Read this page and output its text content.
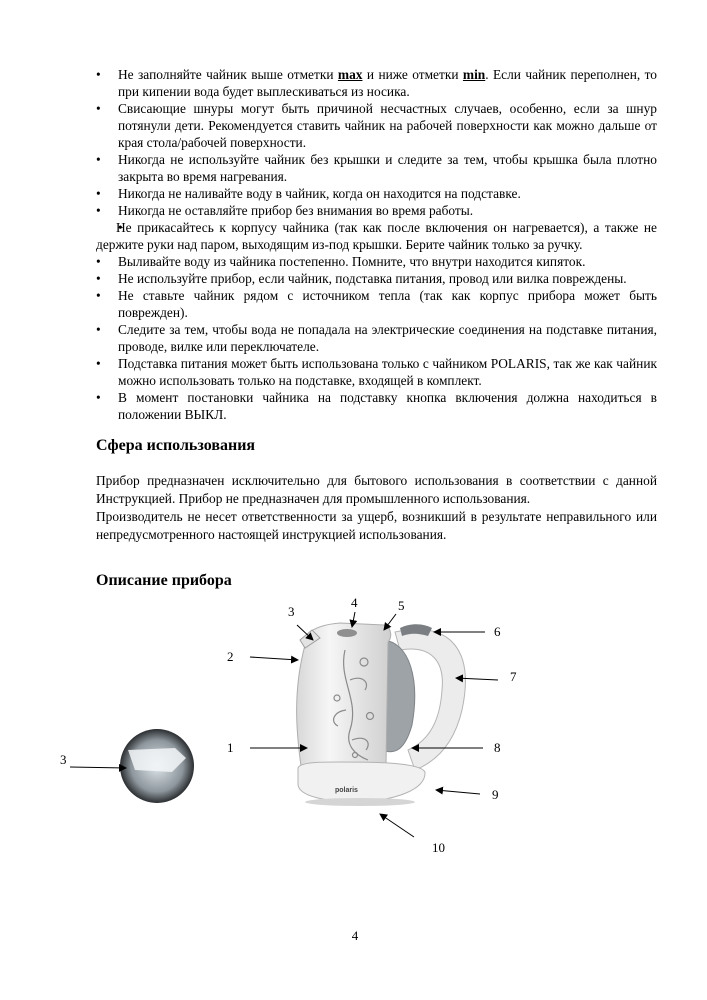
• Не заполняйте чайник выше отметки max и ниже отметки min. Если чайник переполнен, то при кипении вода будет выплескиваться из носика.
• Свисающие шнуры могут быть причиной несчастных случаев, особенно, если за шнур потянули дети. Рекомендуется ставить чайник на рабочей поверхности как можно дальше от края стола/рабочей поверхности.
• Никогда не используйте чайник без крышки и следите за тем, чтобы крышка была плотно закрыта во время нагревания.
• Никогда не наливайте воду в чайник, когда он находится на подставке.
• Никогда не оставляйте прибор без внимания во время работы.
• Не прикасайтесь к корпусу чайника (так как после включения он нагревается), а также не держите руки над паром, выходящим из-под крышки. Берите чайник только за ручку.
• Выливайте воду из чайника постепенно. Помните, что внутри находится кипяток.
• Не используйте прибор, если чайник, подставка питания, провод или вилка повреждены.
• Не ставьте чайник рядом с источником тепла (так как корпус прибора может быть поврежден).
• Следите за тем, чтобы вода не попадала на электрические соединения на подставке питания, проводе, вилке или переключателе.
• Подставка питания может быть использована только с чайником POLARIS, так же как чайник можно использовать только на подставке, входящей в комплект.
• В момент постановки чайника на подставку кнопка включения должна находиться в положении ВЫКЛ.
Сфера использования

Прибор предназначен исключительно для бытового использования в соответствии с данной Инструкцией. Прибор не предназначен для промышленного использования.

Производитель не несет ответственности за ущерб, возникший в результате неправильного или непредусмотренного настоящей инструкцией использования.

Описание прибора
polaris
3
4	5
2
6
7
1	8
9
10
3
4
